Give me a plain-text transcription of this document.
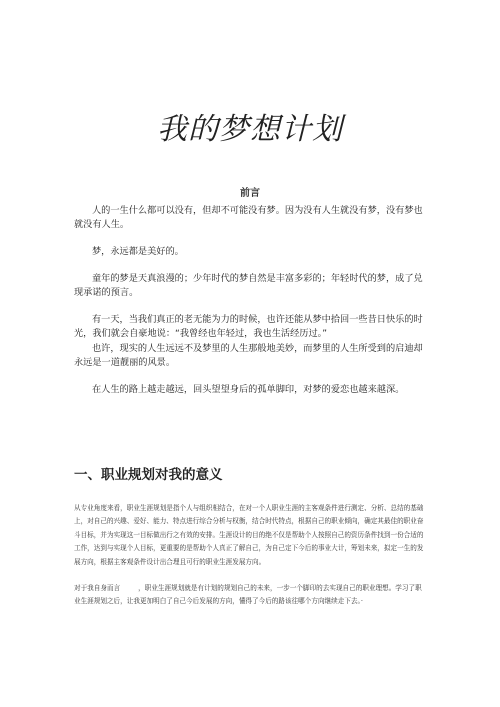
我的梦想计划
前言

人的一生什么都可以没有，但却不可能没有梦。因为没有人生就没有梦，没有梦也就没有人生。

梦，永远都是美好的。

童年的梦是天真浪漫的；少年时代的梦自然是丰富多彩的；年轻时代的梦，成了兑现承诺的预言。

有一天，当我们真正的老无能为力的时候，也许还能从梦中拾回一些昔日快乐的时光，我们就会自豪地说：“我曾经也年轻过，我也生活经历过。”

也许，现实的人生远远不及梦里的人生那般地美妙，而梦里的人生所受到的启迪却永远是一道靓丽的风景。

在人生的路上越走越远，回头望望身后的孤单脚印，对梦的爱恋也越来越深。

一、职业规划对我的意义

从专业角度来看，职业生涯规划是指个人与组织相结合，在对一个人职业生涯的主客观条件进行测定、分析、总结的基础上，对自己的兴趣、爱好、能力、特点进行综合分析与权衡，结合时代特点，根据自己的职业倾向，确定其最佳的职业奋斗目标，并为实现这一目标做出行之有效的安排。生涯设计的目的绝不仅是帮助个人按照自己的资历条件找到一份合适的工作，达到与实现个人目标，更重要的是帮助个人真正了解自己，为自己定下今后的事业大计，筹划未来，拟定一生的发展方向，根据主客观条件设计出合理且可行的职业生涯发展方向。

对于我自身而言	，职业生涯规划就是有计划的规划自己的未来，一步一个脚印的去实现自己的职业理想。学习了职业生涯规划之后，让我更加明白了自己今后发展的方向，懂得了今后的路该往哪个方向继续走下去。·
